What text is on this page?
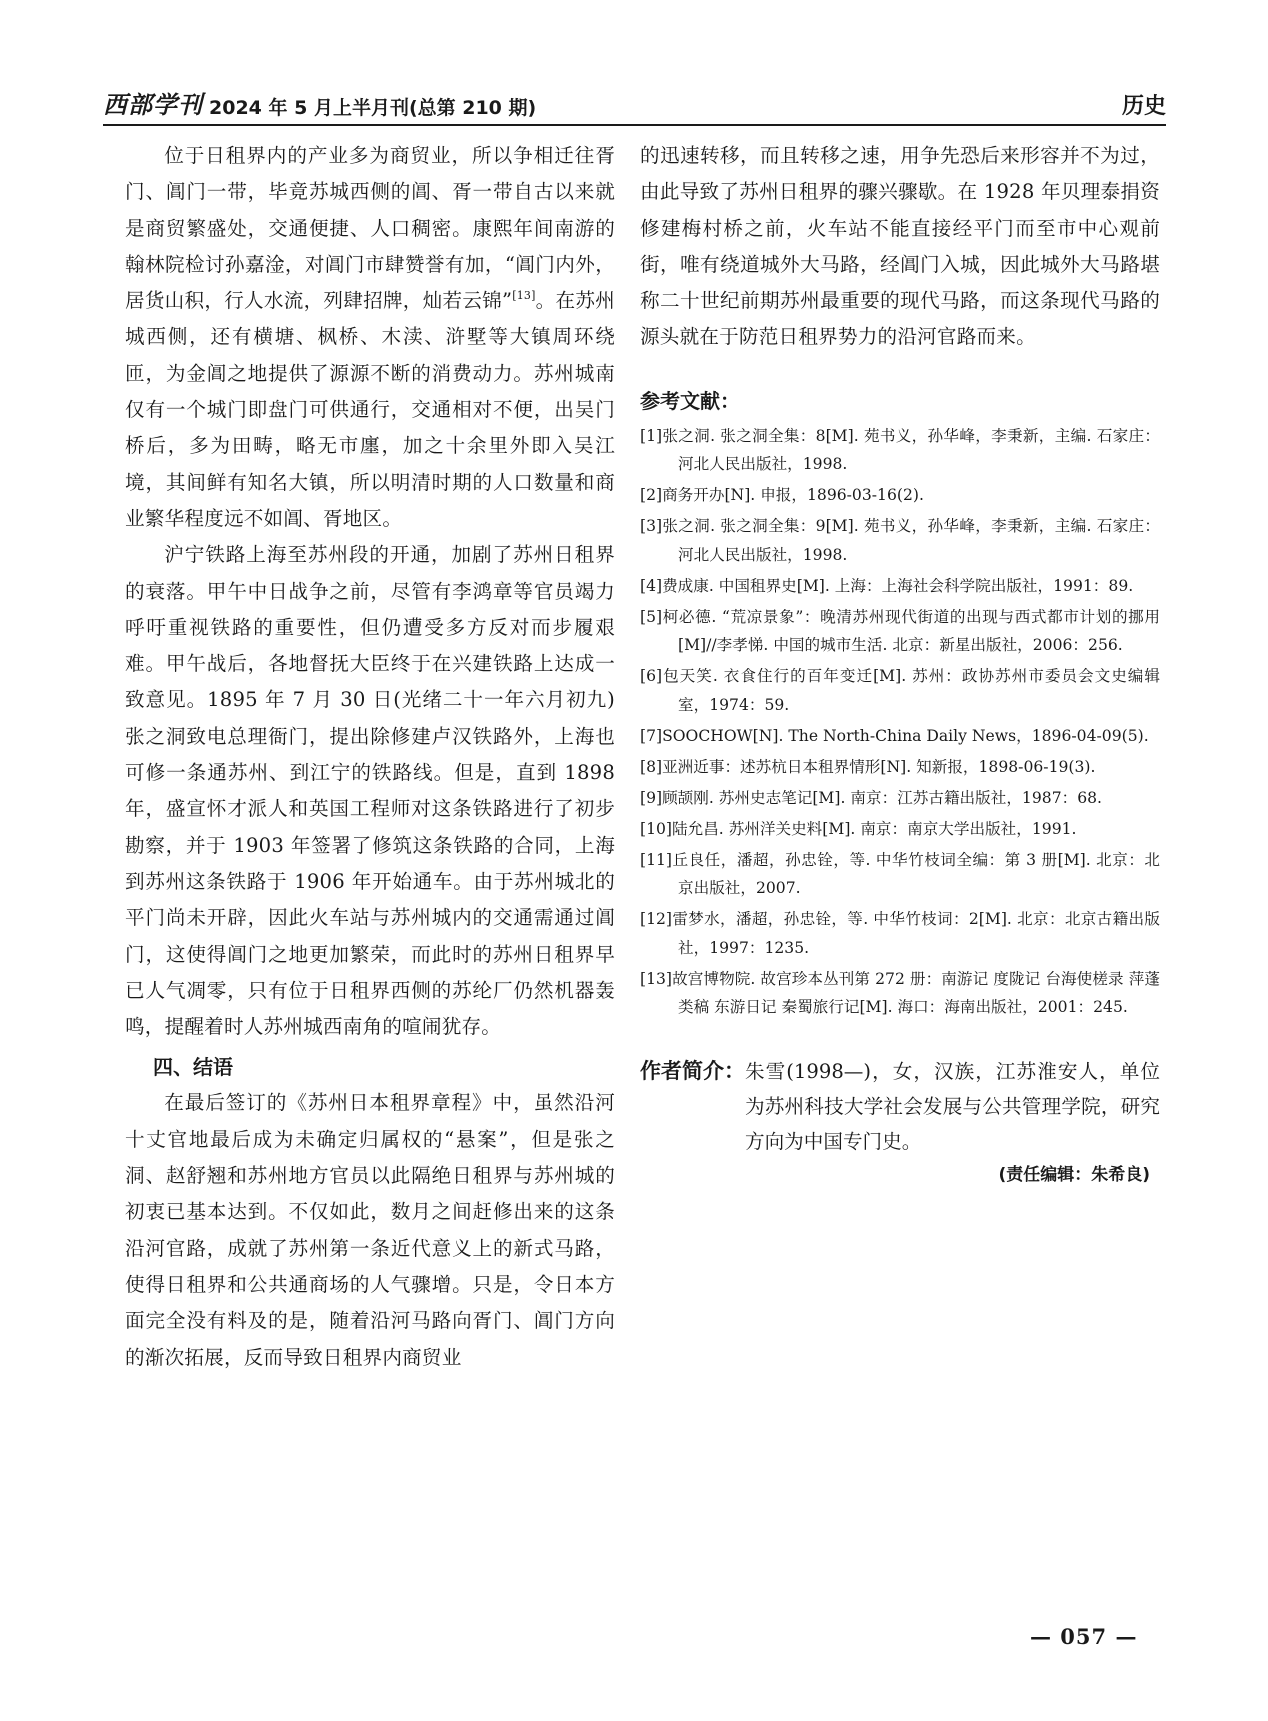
西部学刊 2024 年 5 月上半月刊(总第 210 期)	历史

位于日租界内的产业多为商贸业，所以争相迁往胥门、阊门一带，毕竟苏城西侧的阊、胥一带自古以来就是商贸繁盛处，交通便捷、人口稠密。康熙年间南游的翰林院检讨孙嘉淦，对阊门市肆赞誉有加，“阊门内外，居货山积，行人水流，列肆招牌，灿若云锦”[13]。在苏州城西侧，还有横塘、枫桥、木渎、浒墅等大镇周环绕匝，为金阊之地提供了源源不断的消费动力。苏州城南仅有一个城门即盘门可供通行，交通相对不便，出吴门桥后，多为田畴，略无市廛，加之十余里外即入吴江境，其间鲜有知名大镇，所以明清时期的人口数量和商业繁华程度远不如阊、胥地区。

沪宁铁路上海至苏州段的开通，加剧了苏州日租界的衰落。甲午中日战争之前，尽管有李鸿章等官员竭力呼吁重视铁路的重要性，但仍遭受多方反对而步履艰难。甲午战后，各地督抚大臣终于在兴建铁路上达成一致意见。1895 年 7 月 30 日(光绪二十一年六月初九)张之洞致电总理衙门，提出除修建卢汉铁路外，上海也可修一条通苏州、到江宁的铁路线。但是，直到 1898 年，盛宣怀才派人和英国工程师对这条铁路进行了初步勘察，并于 1903 年签署了修筑这条铁路的合同，上海到苏州这条铁路于 1906 年开始通车。由于苏州城北的平门尚未开辟，因此火车站与苏州城内的交通需通过阊门，这使得阊门之地更加繁荣，而此时的苏州日租界早已人气凋零，只有位于日租界西侧的苏纶厂仍然机器轰鸣，提醒着时人苏州城西南角的喧闹犹存。

四、结语

在最后签订的《苏州日本租界章程》中，虽然沿河十丈官地最后成为未确定归属权的“悬案”，但是张之洞、赵舒翘和苏州地方官员以此隔绝日租界与苏州城的初衷已基本达到。不仅如此，数月之间赶修出来的这条沿河官路，成就了苏州第一条近代意义上的新式马路，使得日租界和公共通商场的人气骤增。只是，令日本方面完全没有料及的是，随着沿河马路向胥门、阊门方向的渐次拓展，反而导致日租界内商贸业

的迅速转移，而且转移之速，用争先恐后来形容并不为过，由此导致了苏州日租界的骤兴骤歇。在 1928 年贝理泰捐资修建梅村桥之前，火车站不能直接经平门而至市中心观前街，唯有绕道城外大马路，经阊门入城，因此城外大马路堪称二十世纪前期苏州最重要的现代马路，而这条现代马路的源头就在于防范日租界势力的沿河官路而来。

参考文献：
[1]张之洞. 张之洞全集：8[M]. 苑书义，孙华峰，李秉新，主编. 石家庄：河北人民出版社，1998.
[2]商务开办[N]. 申报，1896-03-16(2).
[3]张之洞. 张之洞全集：9[M]. 苑书义，孙华峰，李秉新，主编. 石家庄：河北人民出版社，1998.
[4]费成康. 中国租界史[M]. 上海：上海社会科学院出版社，1991：89.
[5]柯必德. “荒凉景象”：晚清苏州现代街道的出现与西式都市计划的挪用[M]//李孝悌. 中国的城市生活. 北京：新星出版社，2006：256.
[6]包天笑. 衣食住行的百年变迁[M]. 苏州：政协苏州市委员会文史编辑室，1974：59.
[7]SOOCHOW[N]. The North-China Daily News，1896-04-09(5).
[8]亚洲近事：述苏杭日本租界情形[N]. 知新报，1898-06-19(3).
[9]顾颉刚. 苏州史志笔记[M]. 南京：江苏古籍出版社，1987：68.
[10]陆允昌. 苏州洋关史料[M]. 南京：南京大学出版社，1991.
[11]丘良任，潘超，孙忠铨，等. 中华竹枝词全编：第 3 册[M]. 北京：北京出版社，2007.
[12]雷梦水，潘超，孙忠铨，等. 中华竹枝词：2[M]. 北京：北京古籍出版社，1997：1235.
[13]故宫博物院. 故宫珍本丛刊第 272 册：南游记 度陇记 台海使槎录 萍蓬类稿 东游日记 秦蜀旅行记[M]. 海口：海南出版社，2001：245.
作者简介： 朱雪(1998—)，女，汉族，江苏淮安人，单位为苏州科技大学社会发展与公共管理学院，研究方向为中国专门史。
(责任编辑：朱希良)
— 057 —
